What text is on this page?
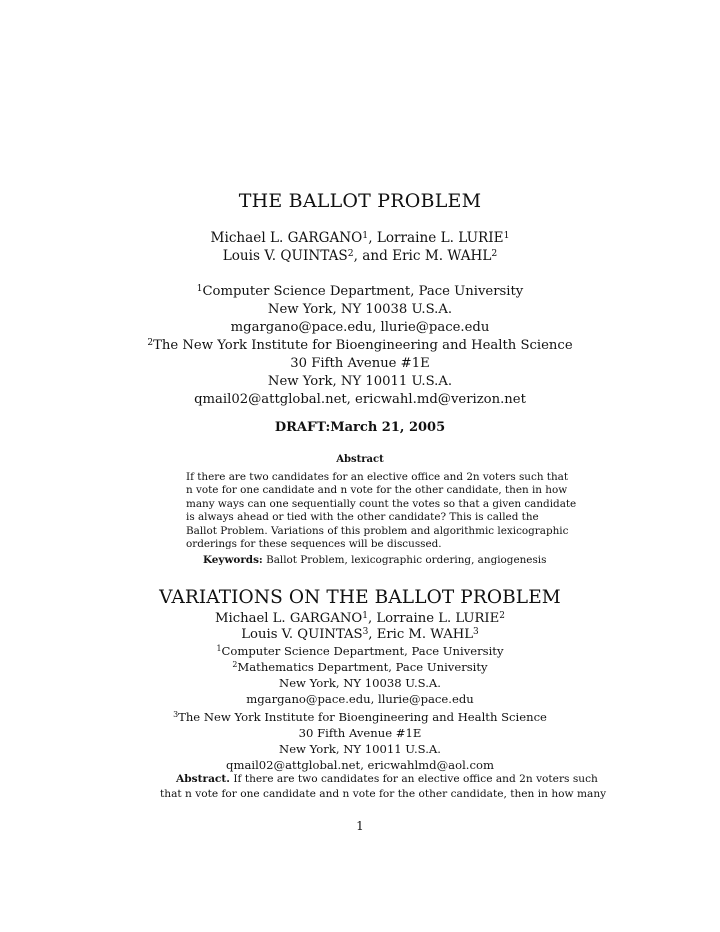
THE BALLOT PROBLEM
Michael L. GARGANO$^1$, Lorraine L. LURIE$^1$
Louis V. QUINTAS$^2$, and Eric M. WAHL$^2$
$^1$Computer Science Department, Pace University
New York, NY 10038 U.S.A.
mgargano@pace.edu, llurie@pace.edu
$^2$The New York Institute for Bioengineering and Health Science
30 Fifth Avenue #1E
New York, NY 10011 U.S.A.
qmail02@attglobal.net, ericwahl.md@verizon.net
DRAFT:March 21, 2005
Abstract
If there are two candidates for an elective office and 2n voters such that
n vote for one candidate and n vote for the other candidate, then in how
many ways can one sequentially count the votes so that a given candidate
is always ahead or tied with the other candidate? This is called the
Ballot Problem. Variations of this problem and algorithmic lexicographic
orderings for these sequences will be discussed.
Keywords: Ballot Problem, lexicographic ordering, angiogenesis
VARIATIONS ON THE BALLOT PROBLEM
Michael L. GARGANO$^1$, Lorraine L. LURIE$^2$
Louis V. QUINTAS$^3$, Eric M. WAHL$^3$
$^1$Computer Science Department, Pace University
$^2$Mathematics Department, Pace University
New York, NY 10038 U.S.A.
mgargano@pace.edu, llurie@pace.edu
$^3$The New York Institute for Bioengineering and Health Science
30 Fifth Avenue #1E
New York, NY 10011 U.S.A.
qmail02@attglobal.net, ericwahlmd@aol.com
Abstract. If there are two candidates for an elective office and 2n voters such
that n vote for one candidate and n vote for the other candidate, then in how many
1
